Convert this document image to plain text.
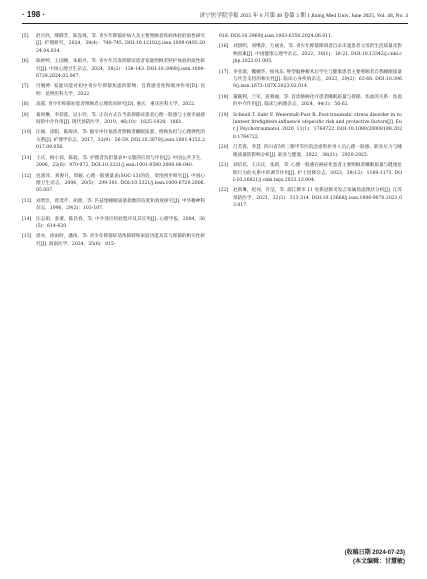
· 198 ·	济宁医学院学报 2025 年 6 月第 48 卷第 3 期 J Jining Med Univ, June 2025, Vol. 48, No. 3
[5]	赵月欣，缪静芳，陈连珠，等. 青少年抑郁症病人及主要照顾者疾病体验的质性研究[J]. 护理研究，2024，38(4)：740-745. DOI:10.12102/j.issn.1009-6493.2024.04.034.
[6]	陈婷婷，王国刚，朱娟丹，等. 青少年首发抑郁症患者家庭照顾者照护体验的质性研究[J]. 中国心理卫生杂志，2024，38(2)：138-143. DOI:10.3969/j.issn.1000-6729.2024.02.007.
[7]	付婉婷. 家庭功能对初中青少年抑郁焦虑的影响：自我感受度和缓冲作用[D]. 昆明：昆明医科大学，2022.
[8]	高霞. 青少年抑郁症患者照顾者心理状况研究[D]. 重庆：重庆医科大学，2022.
[9]	葛珂琳，李彩莲，吴小玲，等. 正向方式在当前抑郁症患者心理一般感与主观幸福感间的中介作用[J]. 现代预防医学，2019，46(10)：1825-1828，1861.
[10] 汪丽，徐阳，陈海涛，等. 脑卒中住福患者照顾者睡眠质量、照顾负担与心理弹性的关系[J]. 护理学杂志，2017，32(9)：56-59. DOI:10.3870/j.issn.1001-4152.2017.09.056.
[11] 王庆，杨小琼，陈骁，等. 护理者负担量表中文版的应用与评价[J]. 中国公共卫生，2006，22(8)：970-972. DOI:10.3321/j.issn:1001-0580.2006.08.040.
[12] 包蕾萍，刘俊升，周颖. 心理一般感量表(SOC-13)的信、效度初步研究[J]. 中国心理卫生杂志，2006，20(5)：299-301. DOI:10.3321/j.issn:1000-6729.2006.05.007.
[13] 刘贤臣，唐茂芹，胡蕾，等. 匹兹堡睡眠质量指数的信度和效度研究[J]. 中华精神科杂志，1996，29(2)：103-107.
[14] 汪志娟，张蕾，陈昌春，等. 中介效应检验程序及其应用[J]. 心理学报，2004，36(5)：614-620.
[15] 唐亦，徐雨时，潘汤，等. 青少年抑郁症适体障碍和家庭功能及其与抑郁的相关性研究[J]. 海南医学，2024，35(6)：815-
818. DOI:10.3969/j.issn.1003-6350.2024.06.011.
[16] 刘创明，刘继萍，万丽贞，等. 青少年抑郁障碍者自杀未遂患者父母的生活质量及影响因素[J]. 中国健康心理学杂志，2022，30(1)：18-21. DOI:10.13342/j.cnki.cjhp.2022.01.005.
[17] 李亚珉，魏婉华，杨凤东. 脊型脑肿瘤术后学生与健康患者主要照顾者自我睡眠质量与社会支持的相关性[J]. 临床心身疾病杂志，2023，29(2)：63-66. DOI:10.3969/j.issn.1672-187X.2023.02.014.
[18] 董颖利，兰军，蒋燕丽，等. 首诊肺癌化疗患者睡眠质量与抑郁、焦虑的关系：焦虑的中介作用[J]. 临床与病理杂志，2024，44(1)：56-62.
[19] Schnell T, Suhr F, Weierstall-Pust R. Post-traumatic stress disorder in volunteer firefighters:influence ofspecific risk and protective factors[J]. Eur J Psychotraumatol, 2020, 11(1)：1764722. DOI:10.1080/20008198.2020.1764722.
[20] 吕芙蓉，李慧. 四川省5所三级甲等医院急诊科医务人员心理一般感、职业压力与睡眠质量的影响分析[J]. 职业与健康，2022，38(21)：2920-2925.
[21] 刘培培，王庆庆，张莉，等. 心理一般感在癌症化患者主要照顾者睡眠质量与健康危险行为的关系中的调节作用[J]. 护士进修杂志，2023，38(13)：1169-1173. DOI:10.16821/j.cnki.hsjx.2023.13.004.
[22] 赵新琳，赵何，许莹，等. 浦江佛市 11 处新冠肺炎发言家属焦虑现状分析[J]. 江苏预防医学，2021，32(3)：313-314. DOI:10.13668/j.issn.1006-9070.2021.03.017.
(收稿日期 2024-07-23)
(本文编辑：甘慧敏)
